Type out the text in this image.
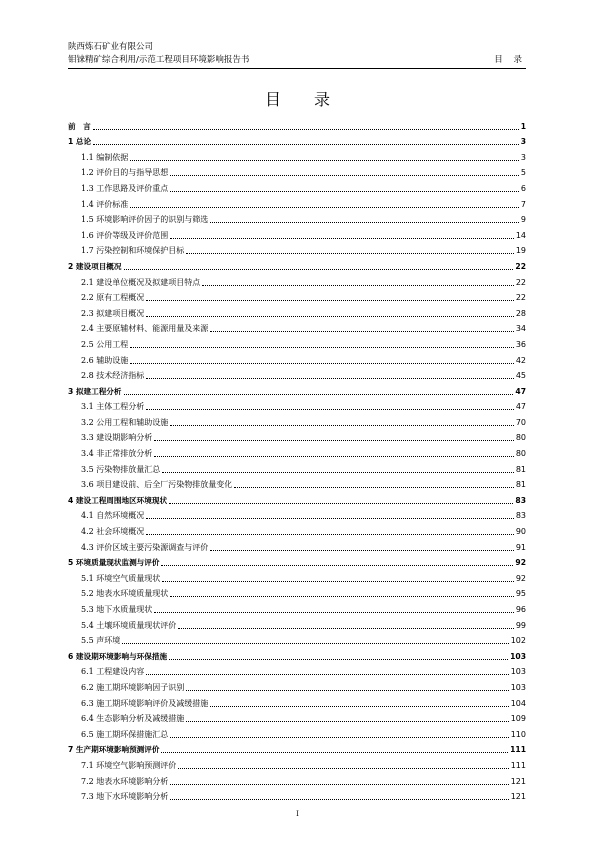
陕西炼石矿业有限公司
钼铼精矿综合利用/示范工程项目环境影响报告书	目 录
目 录
前　言	1
1 总论	3
1.1 编制依据	3
1.2 评价目的与指导思想	5
1.3 工作思路及评价重点	6
1.4 评价标准	7
1.5 环境影响评价因子的识别与筛选	9
1.6 评价等级及评价范围	14
1.7 污染控制和环境保护目标	19
2 建设项目概况	22
2.1 建设单位概况及拟建项目特点	22
2.2 原有工程概况	22
2.3 拟建项目概况	28
2.4 主要原辅材料、能源用量及来源	34
2.5 公用工程	36
2.6 辅助设施	42
2.8 技术经济指标	45
3 拟建工程分析	47
3.1 主体工程分析	47
3.2 公用工程和辅助设施	70
3.3 建设期影响分析	80
3.4 非正常排放分析	80
3.5 污染物排放量汇总	81
3.6 项目建设前、后全厂污染物排放量变化	81
4 建设工程周围地区环境现状	83
4.1 自然环境概况	83
4.2 社会环境概况	90
4.3 评价区域主要污染源调查与评价	91
5 环境质量现状监测与评价	92
5.1 环境空气质量现状	92
5.2 地表水环境质量现状	95
5.3 地下水质量现状	96
5.4 土壤环境质量现状评价	99
5.5 声环境	102
6 建设期环境影响与环保措施	103
6.1 工程建设内容	103
6.2 施工期环境影响因子识别	103
6.3 施工期环境影响评价及减缓措施	104
6.4 生态影响分析及减缓措施	109
6.5 施工期环保措施汇总	110
7 生产期环境影响预测评价	111
7.1 环境空气影响预测评价	111
7.2 地表水环境影响分析	121
7.3 地下水环境影响分析	121
I
